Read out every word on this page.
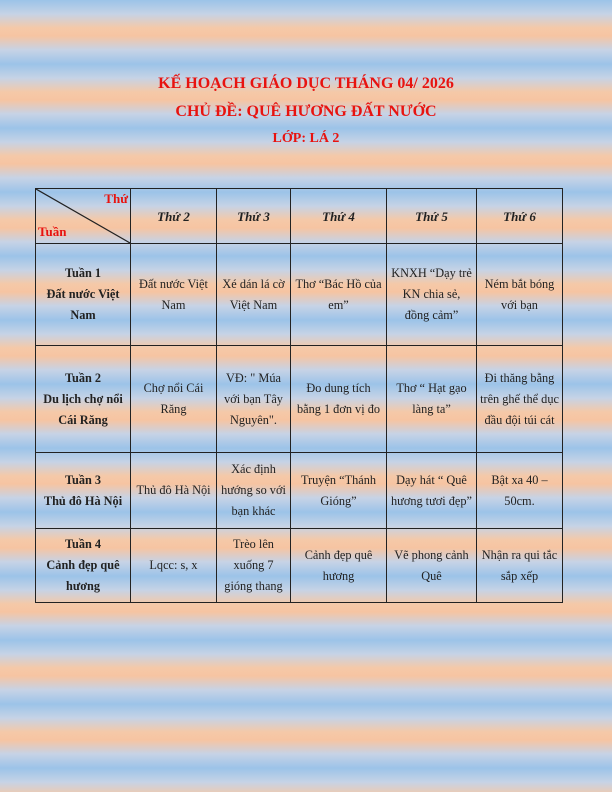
KẾ HOẠCH GIÁO DỤC THÁNG 04/ 2026
CHỦ ĐỀ: QUÊ HƯƠNG ĐẤT NƯỚC
LỚP: LÁ 2
Thứ
Tuần	Thứ 2	Thứ 3	Thứ 4	Thứ 5	Thứ 6

Tuần 1
Đất nước Việt Nam	Đất nước Việt Nam	Xé dán lá cờ Việt Nam	Thơ “Bác Hồ của em”	KNXH “Dạy trẻ KN chia sẻ, đồng cảm”	Ném bắt bóng với bạn

Tuần 2
Du lịch chợ nổi Cái Răng	Chợ nổi Cái Răng	VĐ: " Múa với bạn Tây Nguyên".	Đo dung tích bằng 1 đơn vị đo	Thơ “ Hạt gạo làng ta”	Đi thăng bằng trên ghế thể dục đầu đội túi cát

Tuần 3
Thủ đô Hà Nội	Thủ đô Hà Nội	Xác định hướng so với bạn khác	Truyện “Thánh Gióng”	Dạy hát “ Quê hương tươi đẹp”	Bật xa 40 – 50cm.

Tuần 4
Cảnh đẹp quê hương	Lqcc: s, x	Trèo lên xuống 7 gióng thang	Cảnh đẹp quê hương	Vẽ phong cảnh Quê	Nhận ra qui tắc sắp xếp
